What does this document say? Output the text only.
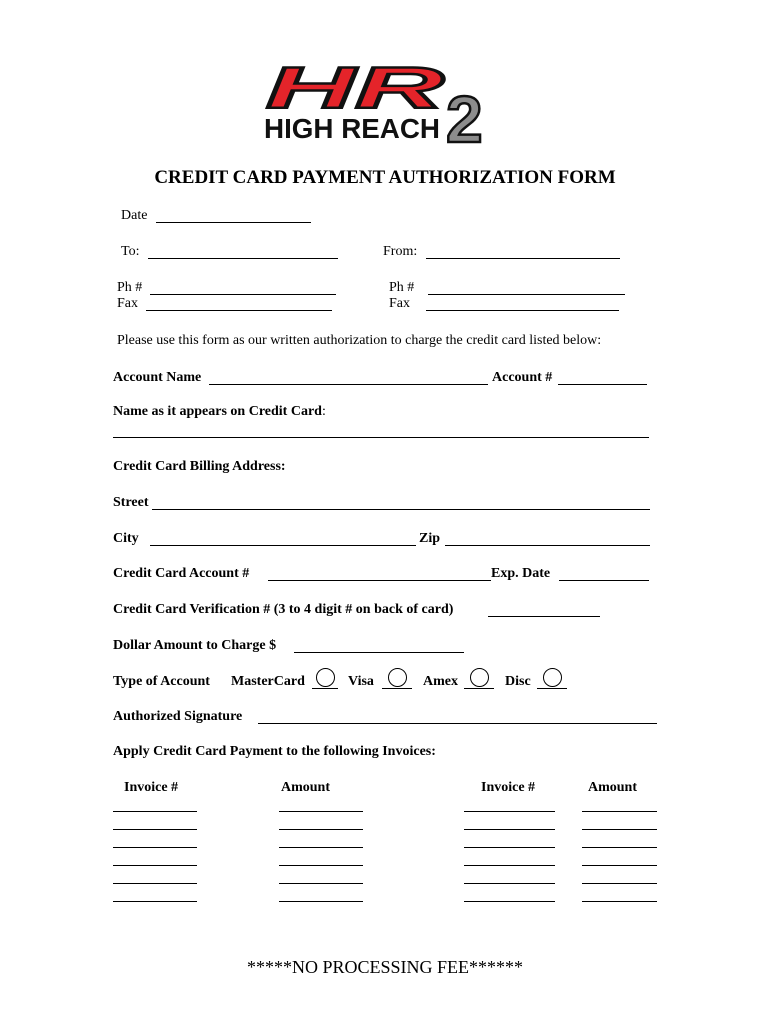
HR 2
HIGH REACH
CREDIT CARD PAYMENT AUTHORIZATION FORM
Date
To:	From:
Ph #
Fax
Ph #
Fax
Please use this form as our written authorization to charge the credit card listed below:
Account Name	Account #
Name as it appears on Credit Card:
Credit Card Billing Address:
Street
City	Zip
Credit Card Account #	Exp. Date
Credit Card Verification # (3 to 4 digit # on back of card)
Dollar Amount to Charge $
Type of Account MasterCard	Visa	Amex	Disc
Authorized Signature
Apply Credit Card Payment to the following Invoices:
Invoice #	Amount	Invoice #	Amount
*****NO PROCESSING FEE******
